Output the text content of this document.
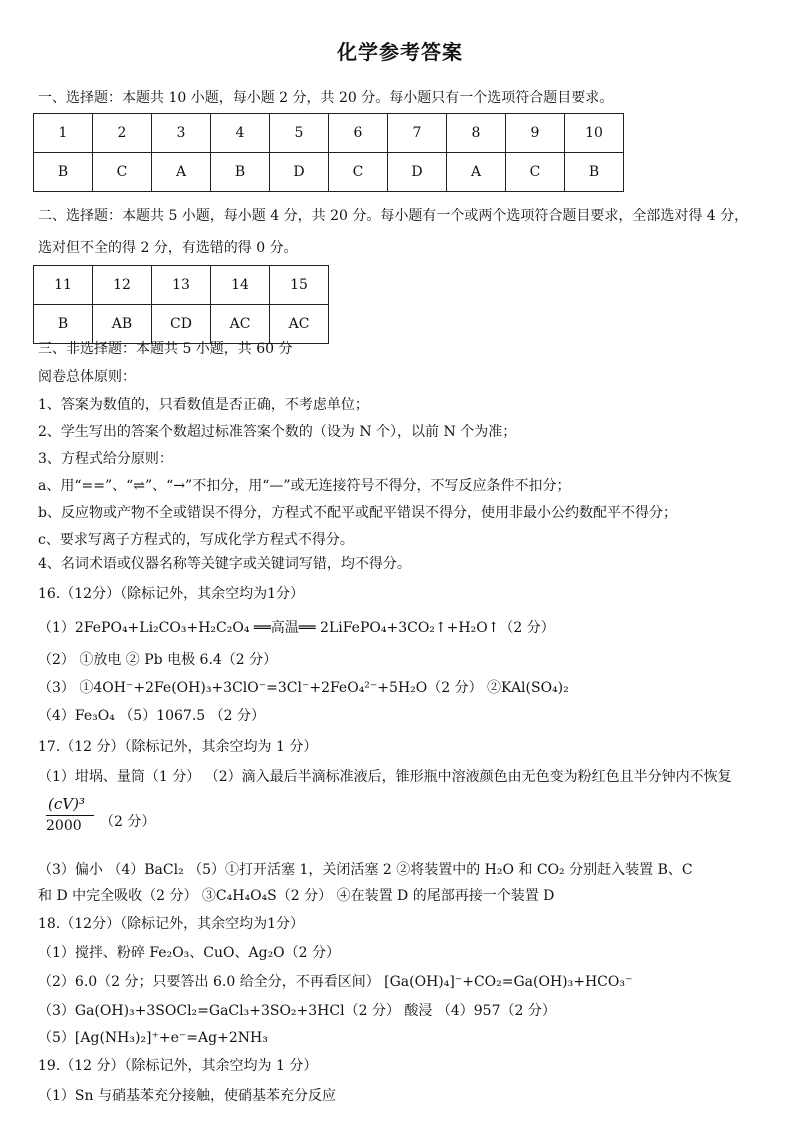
化学参考答案
一、选择题：本题共 10 小题，每小题 2 分，共 20 分。每小题只有一个选项符合题目要求。
1	2	3	4	5	6	7	8	9	10
B	C	A	B	D	C	D	A	C	B
二、选择题：本题共 5 小题，每小题 4 分，共 20 分。每小题有一个或两个选项符合题目要求，全部选对得 4 分，
选对但不全的得 2 分，有选错的得 0 分。
11	12	13	14	15
B	AB	CD	AC	AC
三、非选择题：本题共 5 小题，共 60 分
阅卷总体原则：
1、答案为数值的，只看数值是否正确，不考虑单位；
2、学生写出的答案个数超过标准答案个数的（设为 N 个），以前 N 个为准；
3、方程式给分原则：
a、用“==”、“⇌”、“→”不扣分，用“—”或无连接符号不得分，不写反应条件不扣分；
b、反应物或产物不全或错误不得分，方程式不配平或配平错误不得分，使用非最小公约数配平不得分；
c、要求写离子方程式的，写成化学方程式不得分。
4、名词术语或仪器名称等关键字或关键词写错，均不得分。
16.（12分）（除标记外，其余空均为1分）
（1）2FePO₄+Li₂CO₃+H₂C₂O₄ ══高温══ 2LiFePO₄+3CO₂↑+H₂O↑（2 分）
（2） ①放电 ② Pb 电极 6.4（2 分）
（3） ①4OH⁻+2Fe(OH)₃+3ClO⁻=3Cl⁻+2FeO₄²⁻+5H₂O（2 分） ②KAl(SO₄)₂
（4）Fe₃O₄ （5）1067.5 （2 分）
17.（12 分）（除标记外，其余空均为 1 分）
（1）坩埚、量筒（1 分） （2）滴入最后半滴标准液后，锥形瓶中溶液颜色由无色变为粉红色且半分钟内不恢复
$\frac{\text{(cV)³}}{2000} (2$ 分）
（3）偏小 （4）BaCl₂ （5）①打开活塞 1，关闭活塞 2 ②将装置中的 H₂O 和 CO₂ 分别赶入装置 B、C
和 D 中完全吸收（2 分） ③C₄H₄O₄S（2 分） ④在装置 D 的尾部再接一个装置 D
18.（12分）（除标记外，其余空均为1分）
（1）搅拌、粉碎 Fe₂O₃、CuO、Ag₂O（2 分）
（2）6.0（2 分；只要答出 6.0 给全分，不再看区间） [Ga(OH)₄]⁻+CO₂=Ga(OH)₃+HCO₃⁻
（3）Ga(OH)₃+3SOCl₂=GaCl₃+3SO₂+3HCl（2 分） 酸浸 （4）957（2 分）
（5）[Ag(NH₃)₂]⁺+e⁻=Ag+2NH₃
19.（12 分）（除标记外，其余空均为 1 分）
（1）Sn 与硝基苯充分接触，使硝基苯充分反应
